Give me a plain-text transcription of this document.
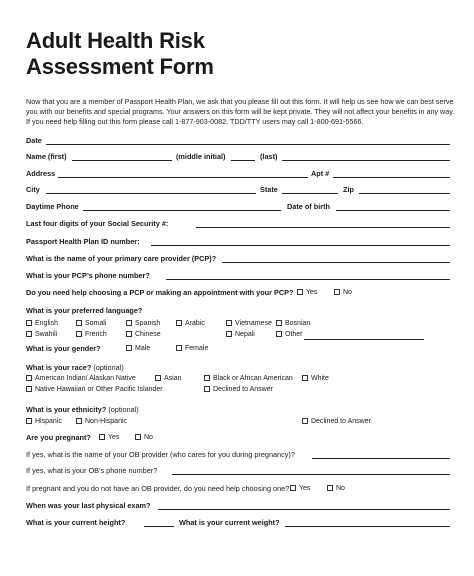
Adult Health Risk
Assessment Form

Now that you are a member of Passport Health Plan, we ask that you please fill out this form. It will help us see how we can best serve you with our benefits and special programs. Your answers on this form will be kept private. They will not affect your benefits in any way. If you need help filling out this form please call 1-877-903-0082. TDD/TTY users may call 1-800-691-5566.

Date
Name (first)	(middle initial)	(last)
Address	Apt #
City	State	Zip
Daytime Phone	Date of birth
Last four digits of your Social Security #:
Passport Health Plan ID number:
What is the name of your primary care provider (PCP)?
What is your PCP’s phone number?
Do you need help choosing a PCP or making an appointment with your PCP?	Yes	No
What is your preferred language?
English	Somali	Spanish	Arabic	Vietnamese	Bosnian
Swahili	French	Chinese	Nepali	Other
What is your gender?	Male	Female
What is your race? (optional)
American Indian/ Alaskan Native	Asian	Black or African American	White
Native Hawaiian or Other Pacific Islander	Declined to Answer
What is your ethnicity? (optional)
Hispanic	Non-Hispanic	Declined to Answer
Are you pregnant?	Yes	No
If yes, what is the name of your OB provider (who cares for you during pregnancy)?
If yes, what is your OB’s phone number?
If pregnant and you do not have an OB provider, do you need help choosing one?	Yes	No
When was your last physical exam?
What is your current height?	What is your current weight?
